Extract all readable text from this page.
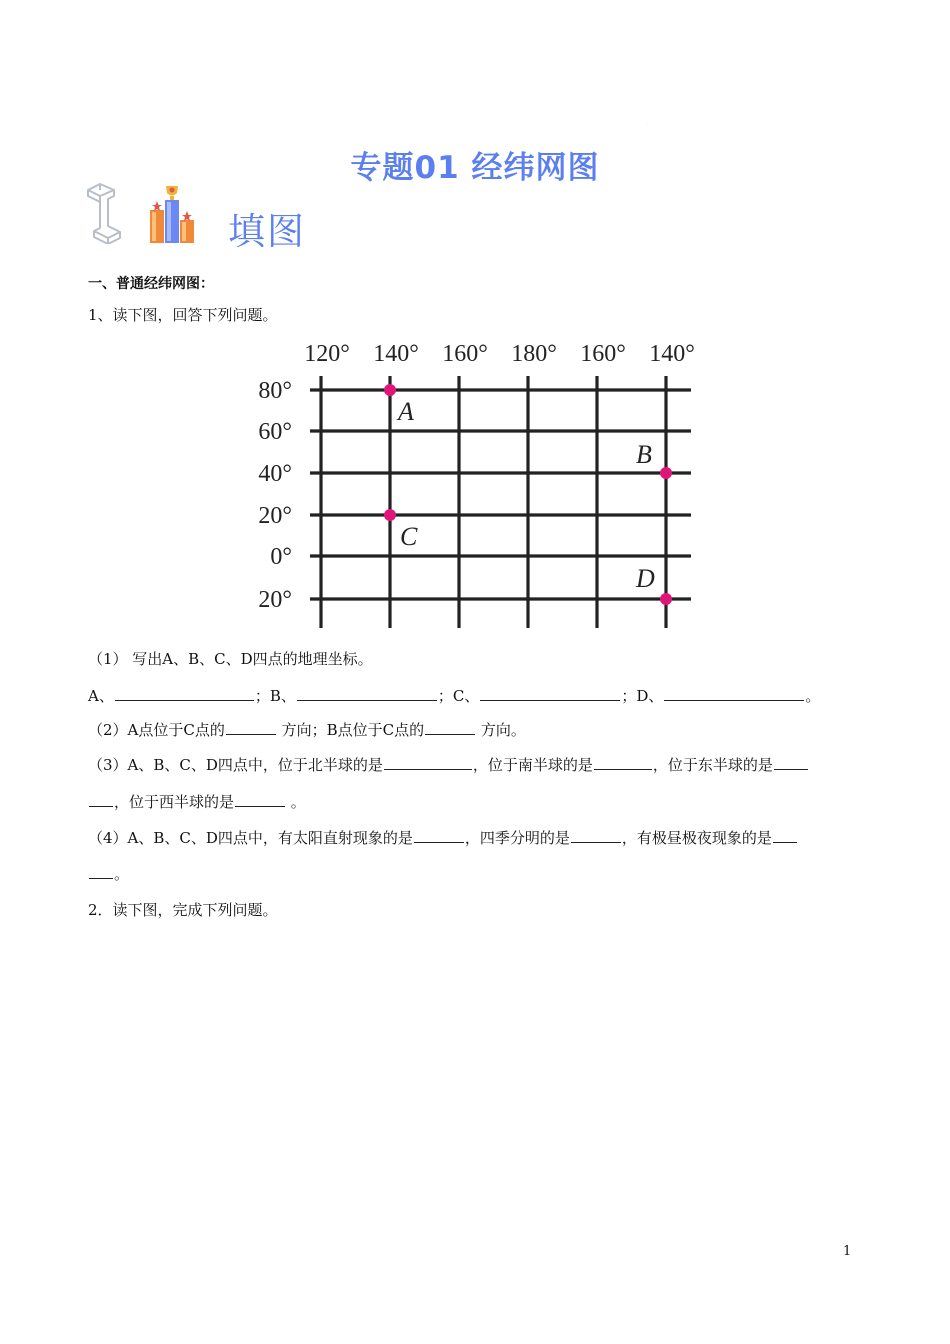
专题01 经纬网图
填图
一、普通经纬网图：
1、读下图，回答下列问题。
80°
60°
40°
20°
0°
20°
120° 140° 160° 180° 160° 140°
A
B
C
D
（1） 写出A、B、C、D四点的地理坐标。
A、	；B、	；C、	；D、	。
（2）A点位于C点的	方向；B点位于C点的	方向。
（3）A、B、C、D四点中，位于北半球的是	，位于南半球的是	，位于东半球的是
，位于西半球的是	。
（4）A、B、C、D四点中，有太阳直射现象的是	，四季分明的是	，有极昼极夜现象的是
。
2．读下图，完成下列问题。
1
.
.
